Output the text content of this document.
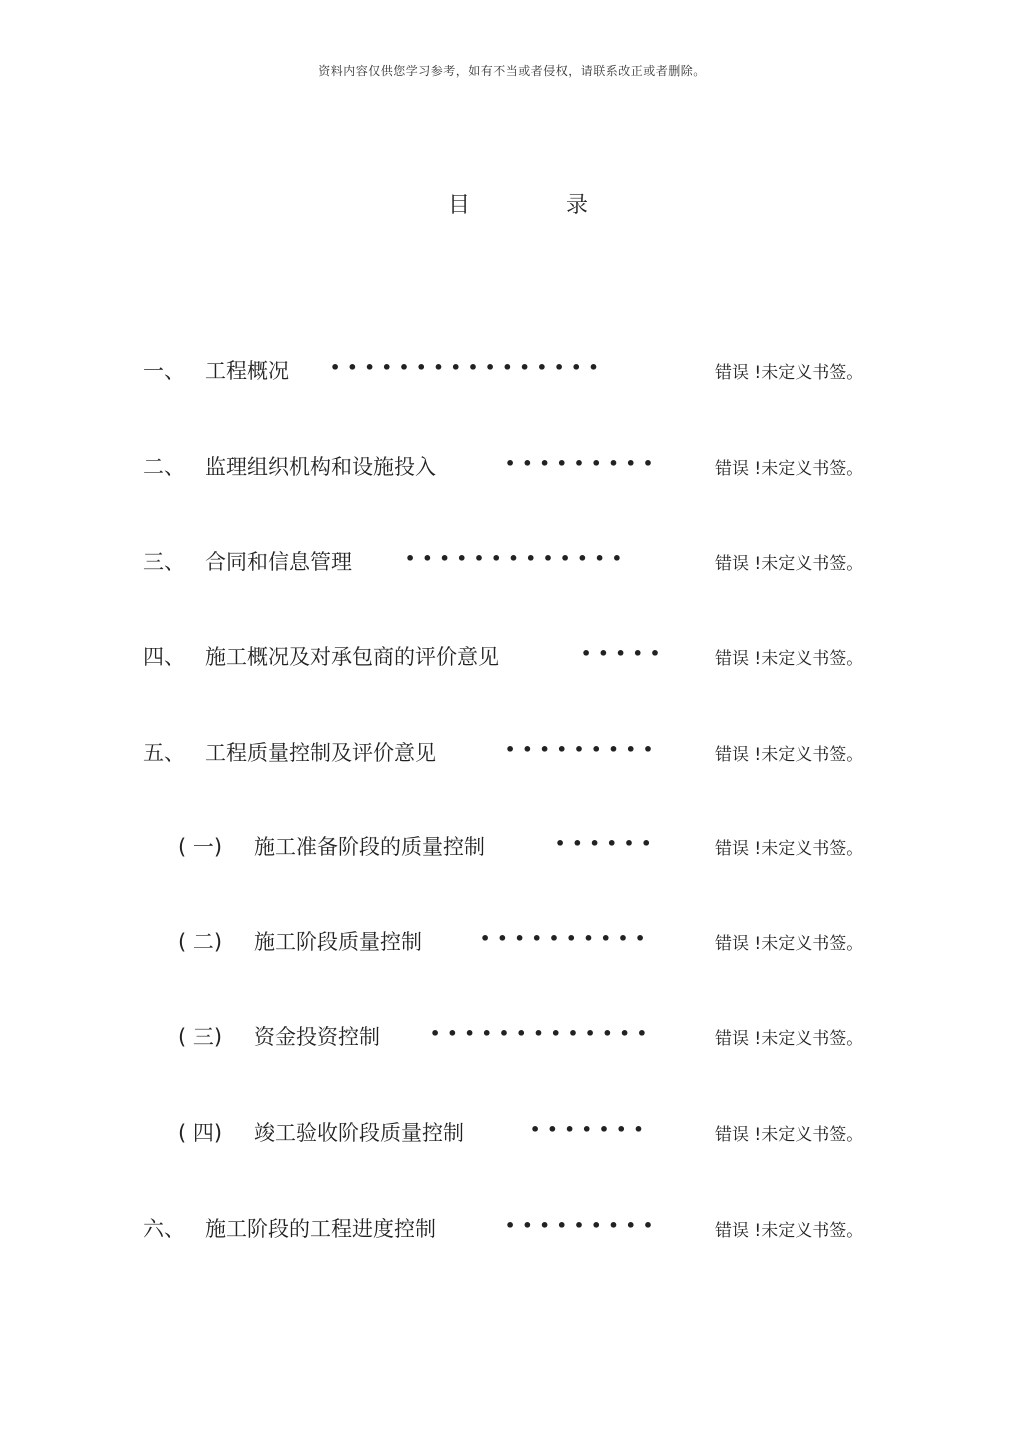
资料内容仅供您学习参考，如有不当或者侵权，请联系改正或者删除。
目	录
一、 工程概况	••••••••••••••••	错误 !未定义书签。
二、 监理组织机构和设施投入	•••••••••	错误 !未定义书签。
三、 合同和信息管理	•••••••••••••	错误 !未定义书签。
四、 施工概况及对承包商的评价意见	•••••	错误 !未定义书签。
五、 工程质量控制及评价意见	•••••••••	错误 !未定义书签。
( 一) 施工准备阶段的质量控制	••••••	错误 !未定义书签。
( 二) 施工阶段质量控制	••••••••••	错误 !未定义书签。
( 三) 资金投资控制	•••••••••••••	错误 !未定义书签。
( 四) 竣工验收阶段质量控制	•••••••	错误 !未定义书签。
六、 施工阶段的工程进度控制	•••••••••	错误 !未定义书签。
